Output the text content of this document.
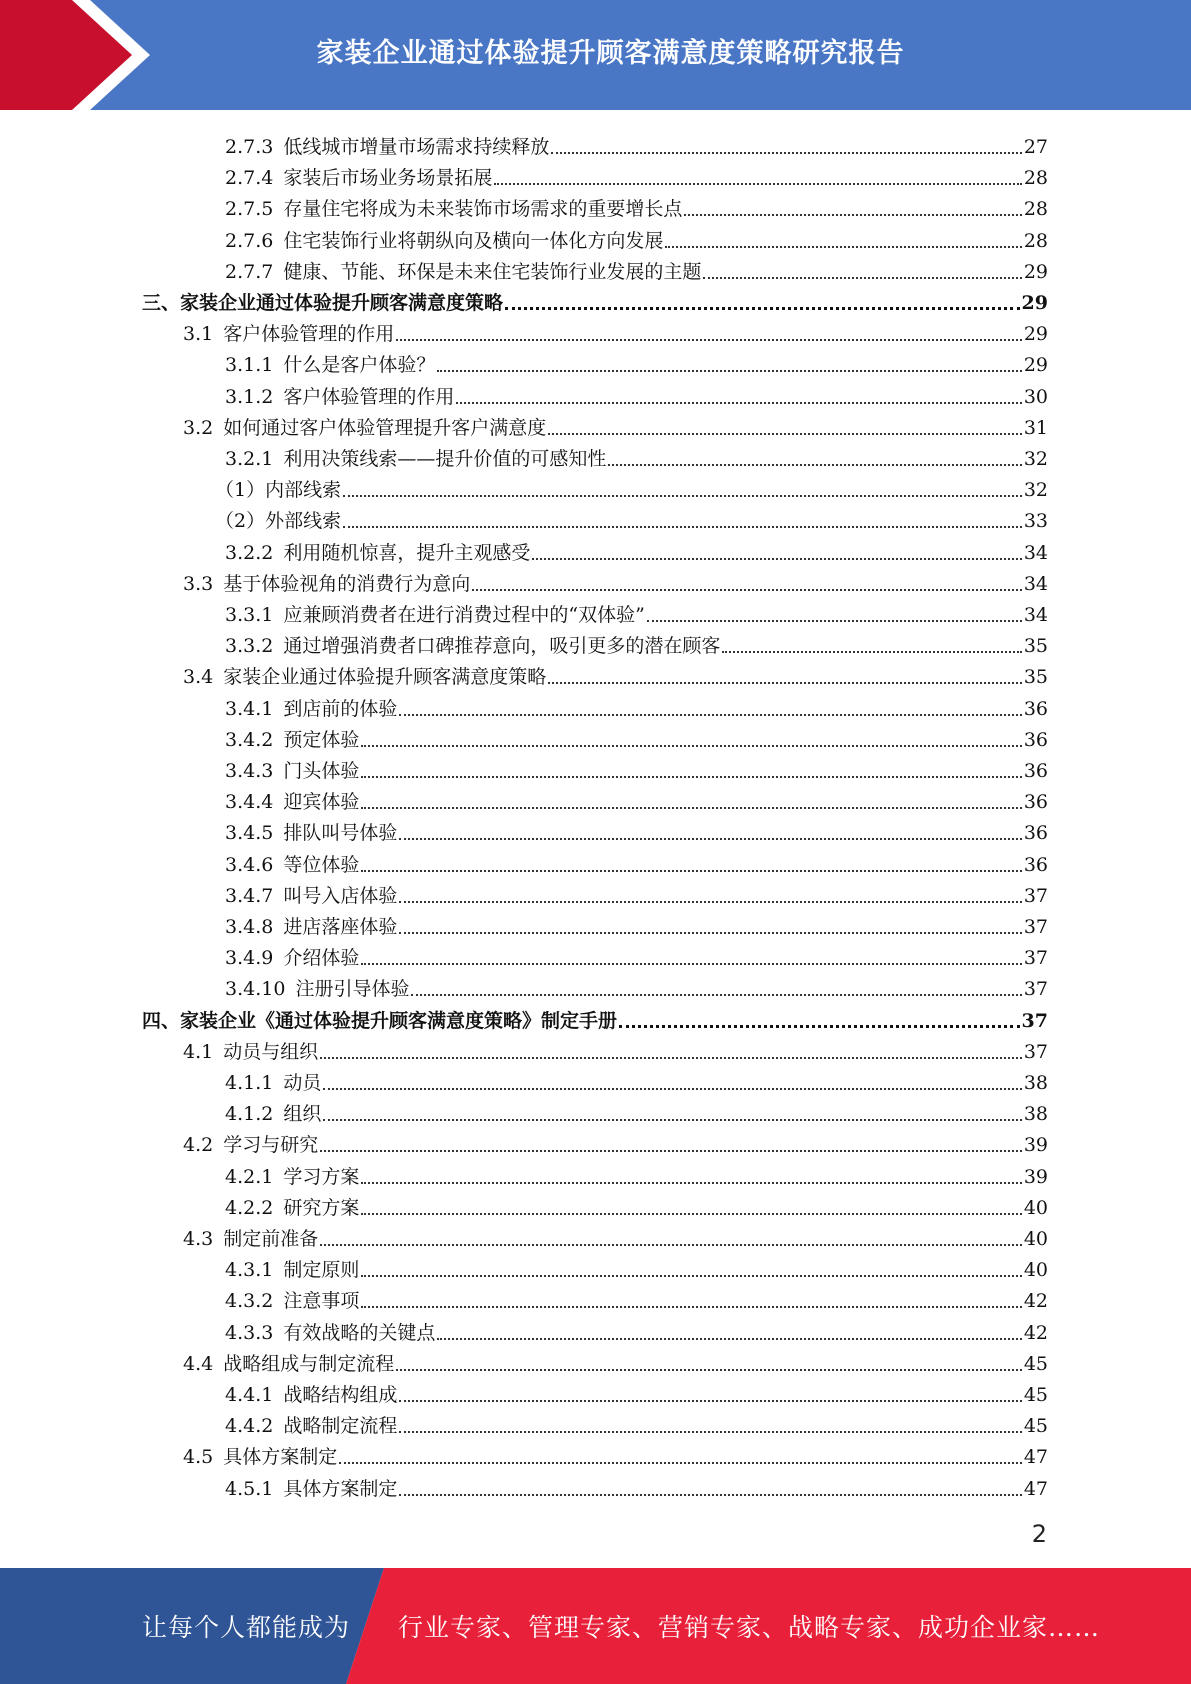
家装企业通过体验提升顾客满意度策略研究报告
2.7.3 低线城市增量市场需求持续释放	27
2.7.4 家装后市场业务场景拓展	28
2.7.5 存量住宅将成为未来装饰市场需求的重要增长点	28
2.7.6 住宅装饰行业将朝纵向及横向一体化方向发展	28
2.7.7 健康、节能、环保是未来住宅装饰行业发展的主题	29
三、家装企业通过体验提升顾客满意度策略	29
3.1 客户体验管理的作用	29
3.1.1 什么是客户体验？	29
3.1.2 客户体验管理的作用	30
3.2 如何通过客户体验管理提升客户满意度	31
3.2.1 利用决策线索——提升价值的可感知性	32
（1）内部线索	32
（2）外部线索	33
3.2.2 利用随机惊喜，提升主观感受	34
3.3 基于体验视角的消费行为意向	34
3.3.1 应兼顾消费者在进行消费过程中的“双体验”	34
3.3.2 通过增强消费者口碑推荐意向，吸引更多的潜在顾客	35
3.4 家装企业通过体验提升顾客满意度策略	35
3.4.1 到店前的体验	36
3.4.2 预定体验	36
3.4.3 门头体验	36
3.4.4 迎宾体验	36
3.4.5 排队叫号体验	36
3.4.6 等位体验	36
3.4.7 叫号入店体验	37
3.4.8 进店落座体验	37
3.4.9 介绍体验	37
3.4.10 注册引导体验	37
四、家装企业《通过体验提升顾客满意度策略》制定手册	37
4.1 动员与组织	37
4.1.1 动员	38
4.1.2 组织	38
4.2 学习与研究	39
4.2.1 学习方案	39
4.2.2 研究方案	40
4.3 制定前准备	40
4.3.1 制定原则	40
4.3.2 注意事项	42
4.3.3 有效战略的关键点	42
4.4 战略组成与制定流程	45
4.4.1 战略结构组成	45
4.4.2 战略制定流程	45
4.5 具体方案制定	47
4.5.1 具体方案制定	47
2
让每个人都能成为 行业专家、管理专家、营销专家、战略专家、成功企业家……
